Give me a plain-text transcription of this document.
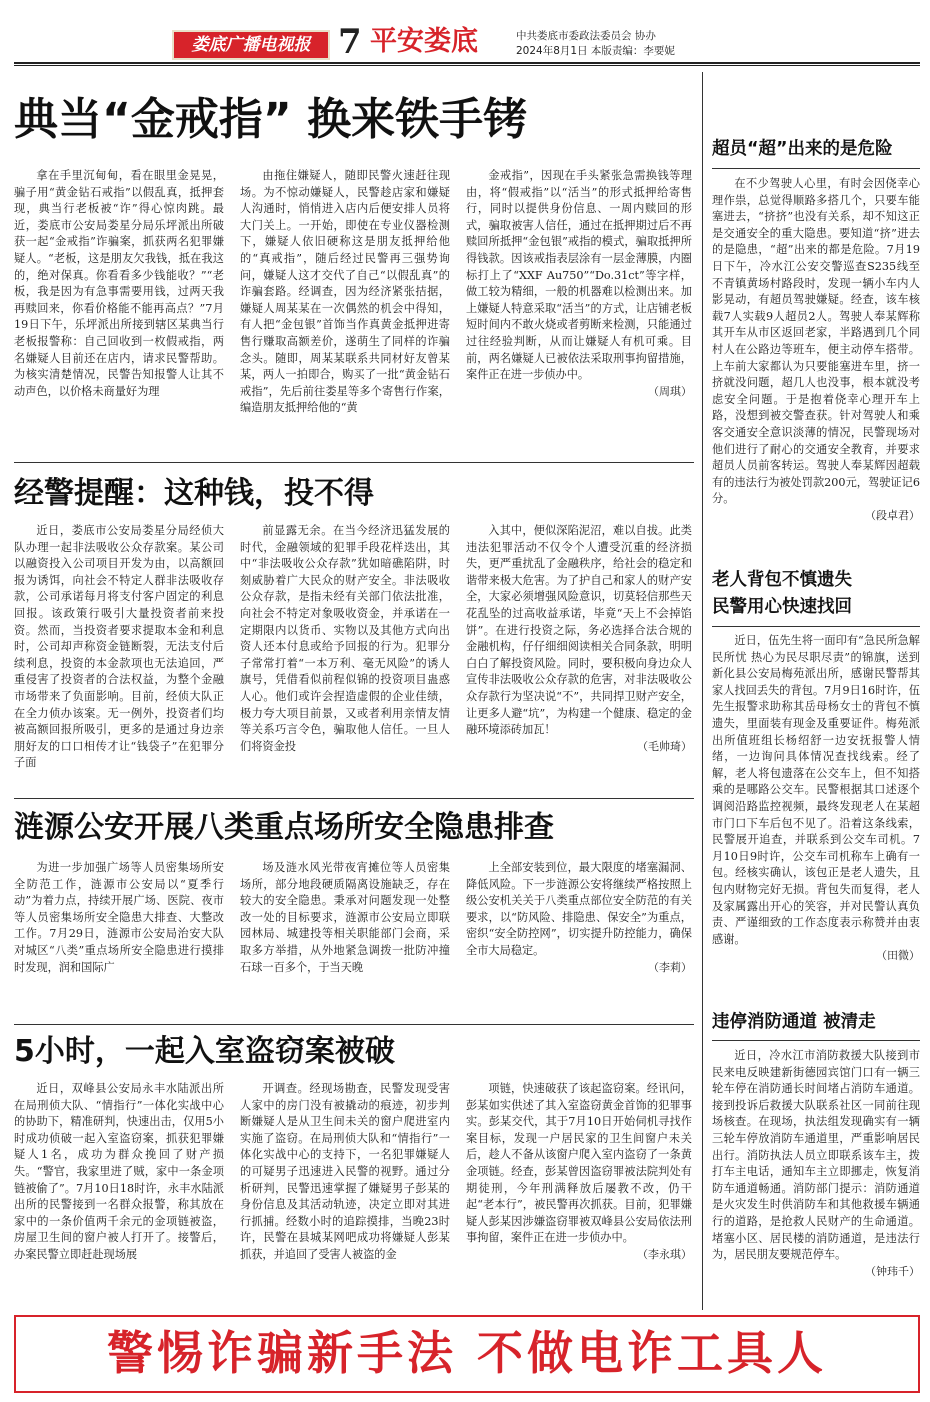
娄底广播电视报 7 平安娄底	中共娄底市委政法委员会 协办
2024年8月1日 本版责编：李要妮
典当“金戒指” 换来铁手铐

拿在手里沉甸甸，看在眼里金晃晃，骗子用“黄金钻石戒指”以假乱真，抵押套现，典当行老板被“诈”得心惊肉跳。最近，娄底市公安局娄星分局乐坪派出所破获一起“金戒指”诈骗案，抓获两名犯罪嫌疑人。“老板，这是朋友欠我钱，抵在我这的，绝对保真。你看看多少钱能收？”“老板，我是因为有急事需要用钱，过两天我再赎回来，你看价格能不能再高点？”7月19日下午，乐坪派出所接到辖区某典当行老板报警称：自己回收到一枚假戒指，两名嫌疑人目前还在店内，请求民警帮助。为核实清楚情况，民警告知报警人让其不动声色，以价格未商量好为理

由拖住嫌疑人，随即民警火速赶往现场。为不惊动嫌疑人，民警趁店家和嫌疑人沟通时，悄悄进入店内后便安排人员将大门关上。一开始，即使在专业仪器检测下，嫌疑人依旧硬称这是朋友抵押给他的“真戒指”，随后经过民警再三强势询问，嫌疑人这才交代了自己“以假乱真”的诈骗套路。经调查，因为经济紧张拮据，嫌疑人周某某在一次偶然的机会中得知，有人把“金包银”首饰当作真黄金抵押进寄售行赚取高额差价，遂萌生了同样的诈骗念头。随即，周某某联系共同材好友曾某某，两人一拍即合，购买了一批“黄金钻石戒指”，先后前往娄星等多个寄售行作案，编造朋友抵押给他的“黄

金戒指”，因现在手头紧张急需换钱等理由，将“假戒指”以“活当”的形式抵押给寄售行，同时以提供身份信息、一周内赎回的形式，骗取被害人信任，通过在抵押期过后不再赎回所抵押“金包银”戒指的模式，骗取抵押所得钱款。因该戒指表层涂有一层金薄膜，内圈标打上了“XXF Au750”“Do.31ct”等字样，做工较为精细，一般的机器难以检测出来。加上嫌疑人特意采取“活当”的方式，让店铺老板短时间内不敢火烧或者剪断来检测，只能通过过往经验判断，从而让嫌疑人有机可乘。目前，两名嫌疑人已被依法采取刑事拘留措施，案件正在进一步侦办中。

（周琪）
经警提醒：这种钱，投不得

近日，娄底市公安局娄星分局经侦大队办理一起非法吸收公众存款案。某公司以融资投入公司项目开发为由，以高额回报为诱饵，向社会不特定人群非法吸收存款，公司承诺每月将支付客户固定的利息回报。该政策行吸引大量投资者前来投资。然而，当投资者要求提取本金和利息时，公司却声称资金链断裂，无法支付后续利息，投资的本金款项也无法追回，严重侵害了投资者的合法权益，为整个金融市场带来了负面影响。目前，经侦大队正在全力侦办该案。无一例外，投资者们均被高额回报所吸引，更多的是通过身边亲朋好友的口口相传才让“钱袋子”在犯罪分子面

前显露无余。在当今经济迅猛发展的时代，金融领域的犯罪手段花样迭出，其中“非法吸收公众存款”犹如暗礁陷阱，时刻威胁着广大民众的财产安全。非法吸收公众存款，是指未经有关部门依法批准，向社会不特定对象吸收资金，并承诺在一定期限内以货币、实物以及其他方式向出资人还本付息或给予回报的行为。犯罪分子常常打着“一本万利、毫无风险”的诱人旗号，凭借看似前程似锦的投资项目蛊惑人心。他们或许会捏造虚假的企业佳绩，极力夸大项目前景，又或者利用亲情友情等关系巧言令色，骗取他人信任。一旦人们将资金投

入其中，便似深陷泥沼，难以自拔。此类违法犯罪活动不仅令个人遭受沉重的经济损失，更严重扰乱了金融秩序，给社会的稳定和谐带来极大危害。为了护自己和家人的财产安全，大家必须增强风险意识，切莫轻信那些天花乱坠的过高收益承诺，毕竟“天上不会掉馅饼”。在进行投资之际，务必选择合法合规的金融机构，仔仔细细阅读相关合同条款，明明白白了解投资风险。同时，要积极向身边众人宣传非法吸收公众存款的危害，对非法吸收公众存款行为坚决说“不”，共同捍卫财产安全，让更多人避“坑”，为构建一个健康、稳定的金融环境添砖加瓦！

（毛帅琦）
涟源公安开展八类重点场所安全隐患排查

为进一步加强广场等人员密集场所安全防范工作，涟源市公安局以“夏季行动”为着力点，持续开展广场、医院、夜市等人员密集场所安全隐患大排查、大整改工作。7月29日，涟源市公安局治安大队对城区“八类”重点场所安全隐患进行摸排时发现，润和国际广

场及涟水风光带夜宵摊位等人员密集场所，部分地段硬质隔离设施缺乏，存在较大的安全隐患。秉承对问题发现一处整改一处的目标要求，涟源市公安局立即联园林局、城建投等相关职能部门会商，采取多方举措，从外地紧急调拨一批防冲撞石球一百多个，于当天晚

上全部安装到位，最大限度的堵塞漏洞、降低风险。下一步涟源公安将继续严格按照上级公安机关关于八类重点部位安全防范的有关要求，以“防风险、排隐患、保安全”为重点，密织“安全防控网”，切实提升防控能力，确保全市大局稳定。

（李莉）
5小时，一起入室盗窃案被破

近日，双峰县公安局永丰水陆派出所在局刑侦大队、“情指行”一体化实战中心的协助下，精准研判，快速出击，仅用5小时成功侦破一起入室盗窃案，抓获犯罪嫌疑人1名，成功为群众挽回了财产损失。“警官，我家里进了贼，家中一条金项链被偷了”。7月10日18时许，永丰水陆派出所的民警接到一名群众报警，称其放在家中的一条价值两千余元的金项链被盗，房屋卫生间的窗户被人打开了。接警后，办案民警立即赶赴现场展

开调查。经现场勘查，民警发现受害人家中的房门没有被撬动的痕迹，初步判断嫌疑人是从卫生间未关的窗户爬进室内实施了盗窃。在局刑侦大队和“情指行”一体化实战中心的支持下，一名犯罪嫌疑人的可疑男子迅速进入民警的视野。通过分析研判，民警迅速掌握了嫌疑男子彭某的身份信息及其活动轨迹，决定立即对其进行抓捕。经数小时的追踪摸排，当晚23时许，民警在县城某网吧成功将嫌疑人彭某抓获，并追回了受害人被盗的金

项链，快速破获了该起盗窃案。经讯问，彭某如实供述了其入室盗窃黄金首饰的犯罪事实。彭某交代，其于7月10日开始伺机寻找作案目标，发现一户居民家的卫生间窗户未关后，趁人不备从该窗户爬入室内盗窃了一条黄金项链。经查，彭某曾因盗窃罪被法院判处有期徒刑，今年刑满释放后屡教不改，仍干起“老本行”，被民警再次抓获。目前，犯罪嫌疑人彭某因涉嫌盗窃罪被双峰县公安局依法刑事拘留，案件正在进一步侦办中。

（李永琪）
超员“超”出来的是危险

在不少驾驶人心里，有时会因侥幸心理作祟，总觉得顺路多搭几个，只要车能塞进去，“挤挤”也没有关系，却不知这正是交通安全的重大隐患。要知道“挤”进去的是隐患，“超”出来的都是危险。7月19日下午，冷水江公安交警巡查S235线至不青镇黄场村路段时，发现一辆小车内人影晃动，有超员驾驶嫌疑。经查，该车核载7人实载9人超员2人。驾驶人奉某辉称其开车从市区返回老家，半路遇到几个同村人在公路边等班车，便主动停车搭带。上车前大家都认为只要能塞进车里，挤一挤就没问题，超几人也没事，根本就没考虑安全问题。于是抱着侥幸心理开车上路，没想到被交警查获。针对驾驶人和乘客交通安全意识淡薄的情况，民警现场对他们进行了耐心的交通安全教育，并要求超员人员前客转运。驾驶人奉某辉因超载有的违法行为被处罚款200元，驾驶证记6分。

（段卓君）
老人背包不慎遗失
民警用心快速找回

近日，伍先生将一面印有“急民所急解民所忧 热心为民尽职尽责”的锦旗，送到新化县公安局梅苑派出所，感谢民警帮其家人找回丢失的背包。7月9日16时许，伍先生报警求助称其岳母杨女士的背包不慎遗失，里面装有现金及重要证件。梅苑派出所值班组长杨绍舒一边安抚报警人情绪，一边询问具体情况查找线索。经了解，老人将包遗落在公交车上，但不知搭乘的是哪路公交车。民警根据其口述逐个调阅沿路监控视频，最终发现老人在某超市门口下车后包不见了。沿着这条线索，民警展开追查，并联系到公交车司机。7月10日9时许，公交车司机称车上确有一包。经核实确认，该包正是老人遗失，且包内财物完好无损。背包失而复得，老人及家属露出开心的笑容，并对民警认真负责、严谨细致的工作态度表示称赞并由衷感谢。

（田微）
违停消防通道 被清走

近日，冷水江市消防救援大队接到市民来电反映建新街德园宾馆门口有一辆三轮车停在消防通长时间堵占消防车通道。接到投诉后救援大队联系社区一同前往现场核查。在现场，执法组发现确实有一辆三轮车停放消防车通道里，严重影响居民出行。消防执法人员立即联系该车主，拨打车主电话，通知车主立即挪走，恢复消防车通道畅通。消防部门提示：消防通道是火灾发生时供消防车和其他救援车辆通行的道路，是抢救人民财产的生命通道。堵塞小区、居民楼的消防通道，是违法行为，居民朋友要规范停车。

（钟玮千）
警惕诈骗新手法 不做电诈工具人
